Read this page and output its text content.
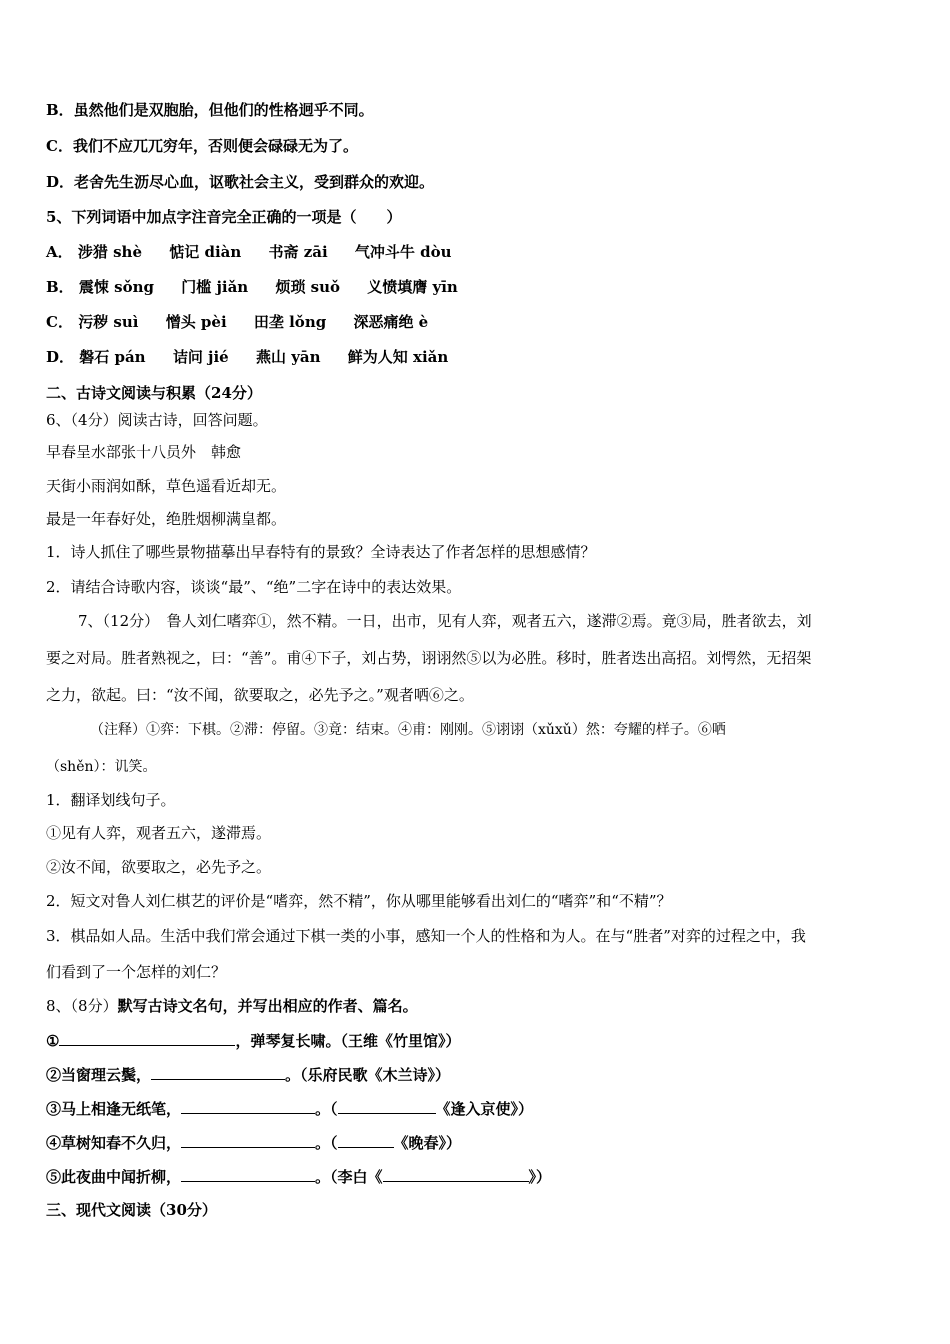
B．虽然他们是双胞胎，但他们的性格迥乎不同。
C．我们不应兀兀穷年，否则便会碌碌无为了。
D．老舍先生沥尽心血，讴歌社会主义，受到群众的欢迎。
5、下列词语中加点字注音完全正确的一项是（　　）
A． 涉猎 shè 惦记 diàn 书斋 zāi 气冲斗牛 dòu
B． 震悚 sǒng 门槛 jiǎn 烦琐 suǒ 义愤填膺 yīn
C． 污秽 suì 憎头 pèi 田垄 lǒng 深恶痛绝 è
D． 磐石 pán 诘问 jié 燕山 yān 鲜为人知 xiǎn
二、古诗文阅读与积累（24分）
6、（4分）阅读古诗，回答问题。
早春呈水部张十八员外　韩愈
天街小雨润如酥，草色遥看近却无。
最是一年春好处，绝胜烟柳满皇都。
1．诗人抓住了哪些景物描摹出早春特有的景致？全诗表达了作者怎样的思想感情？
2．请结合诗歌内容，谈谈“最”、“绝”二字在诗中的表达效果。
7、（12分）　鲁人刘仁嗜弈①，然不精。一日，出市，见有人弈，观者五六，遂滞②焉。竟③局，胜者欲去，刘
要之对局。胜者熟视之，曰：“善”。甫④下子，刘占势，诩诩然⑤以为必胜。移时，胜者迭出高招。刘愕然，无招架
之力，欲起。曰：“汝不闻，欲要取之，必先予之。”观者哂⑥之。
（注释）①弈：下棋。②滞：停留。③竟：结束。④甫：刚刚。⑤诩诩（xǔxǔ）然：夸耀的样子。⑥哂
（shěn）：讥笑。
1．翻译划线句子。
①见有人弈，观者五六，遂滞焉。
②汝不闻，欲要取之，必先予之。
2．短文对鲁人刘仁棋艺的评价是“嗜弈，然不精”，你从哪里能够看出刘仁的“嗜弈”和“不精”？
3．棋品如人品。生活中我们常会通过下棋一类的小事，感知一个人的性格和为人。在与“胜者”对弈的过程之中，我
们看到了一个怎样的刘仁？
8、（8分）默写古诗文名句，并写出相应的作者、篇名。
①	，弹琴复长啸。（王维《竹里馆》）
②当窗理云鬓，	。（乐府民歌《木兰诗》）
③马上相逢无纸笔，	。（	《逢入京使》）
④草树知春不久归，	。（	《晚春》）
⑤此夜曲中闻折柳，	。（李白《	》）
三、现代文阅读（30分）
